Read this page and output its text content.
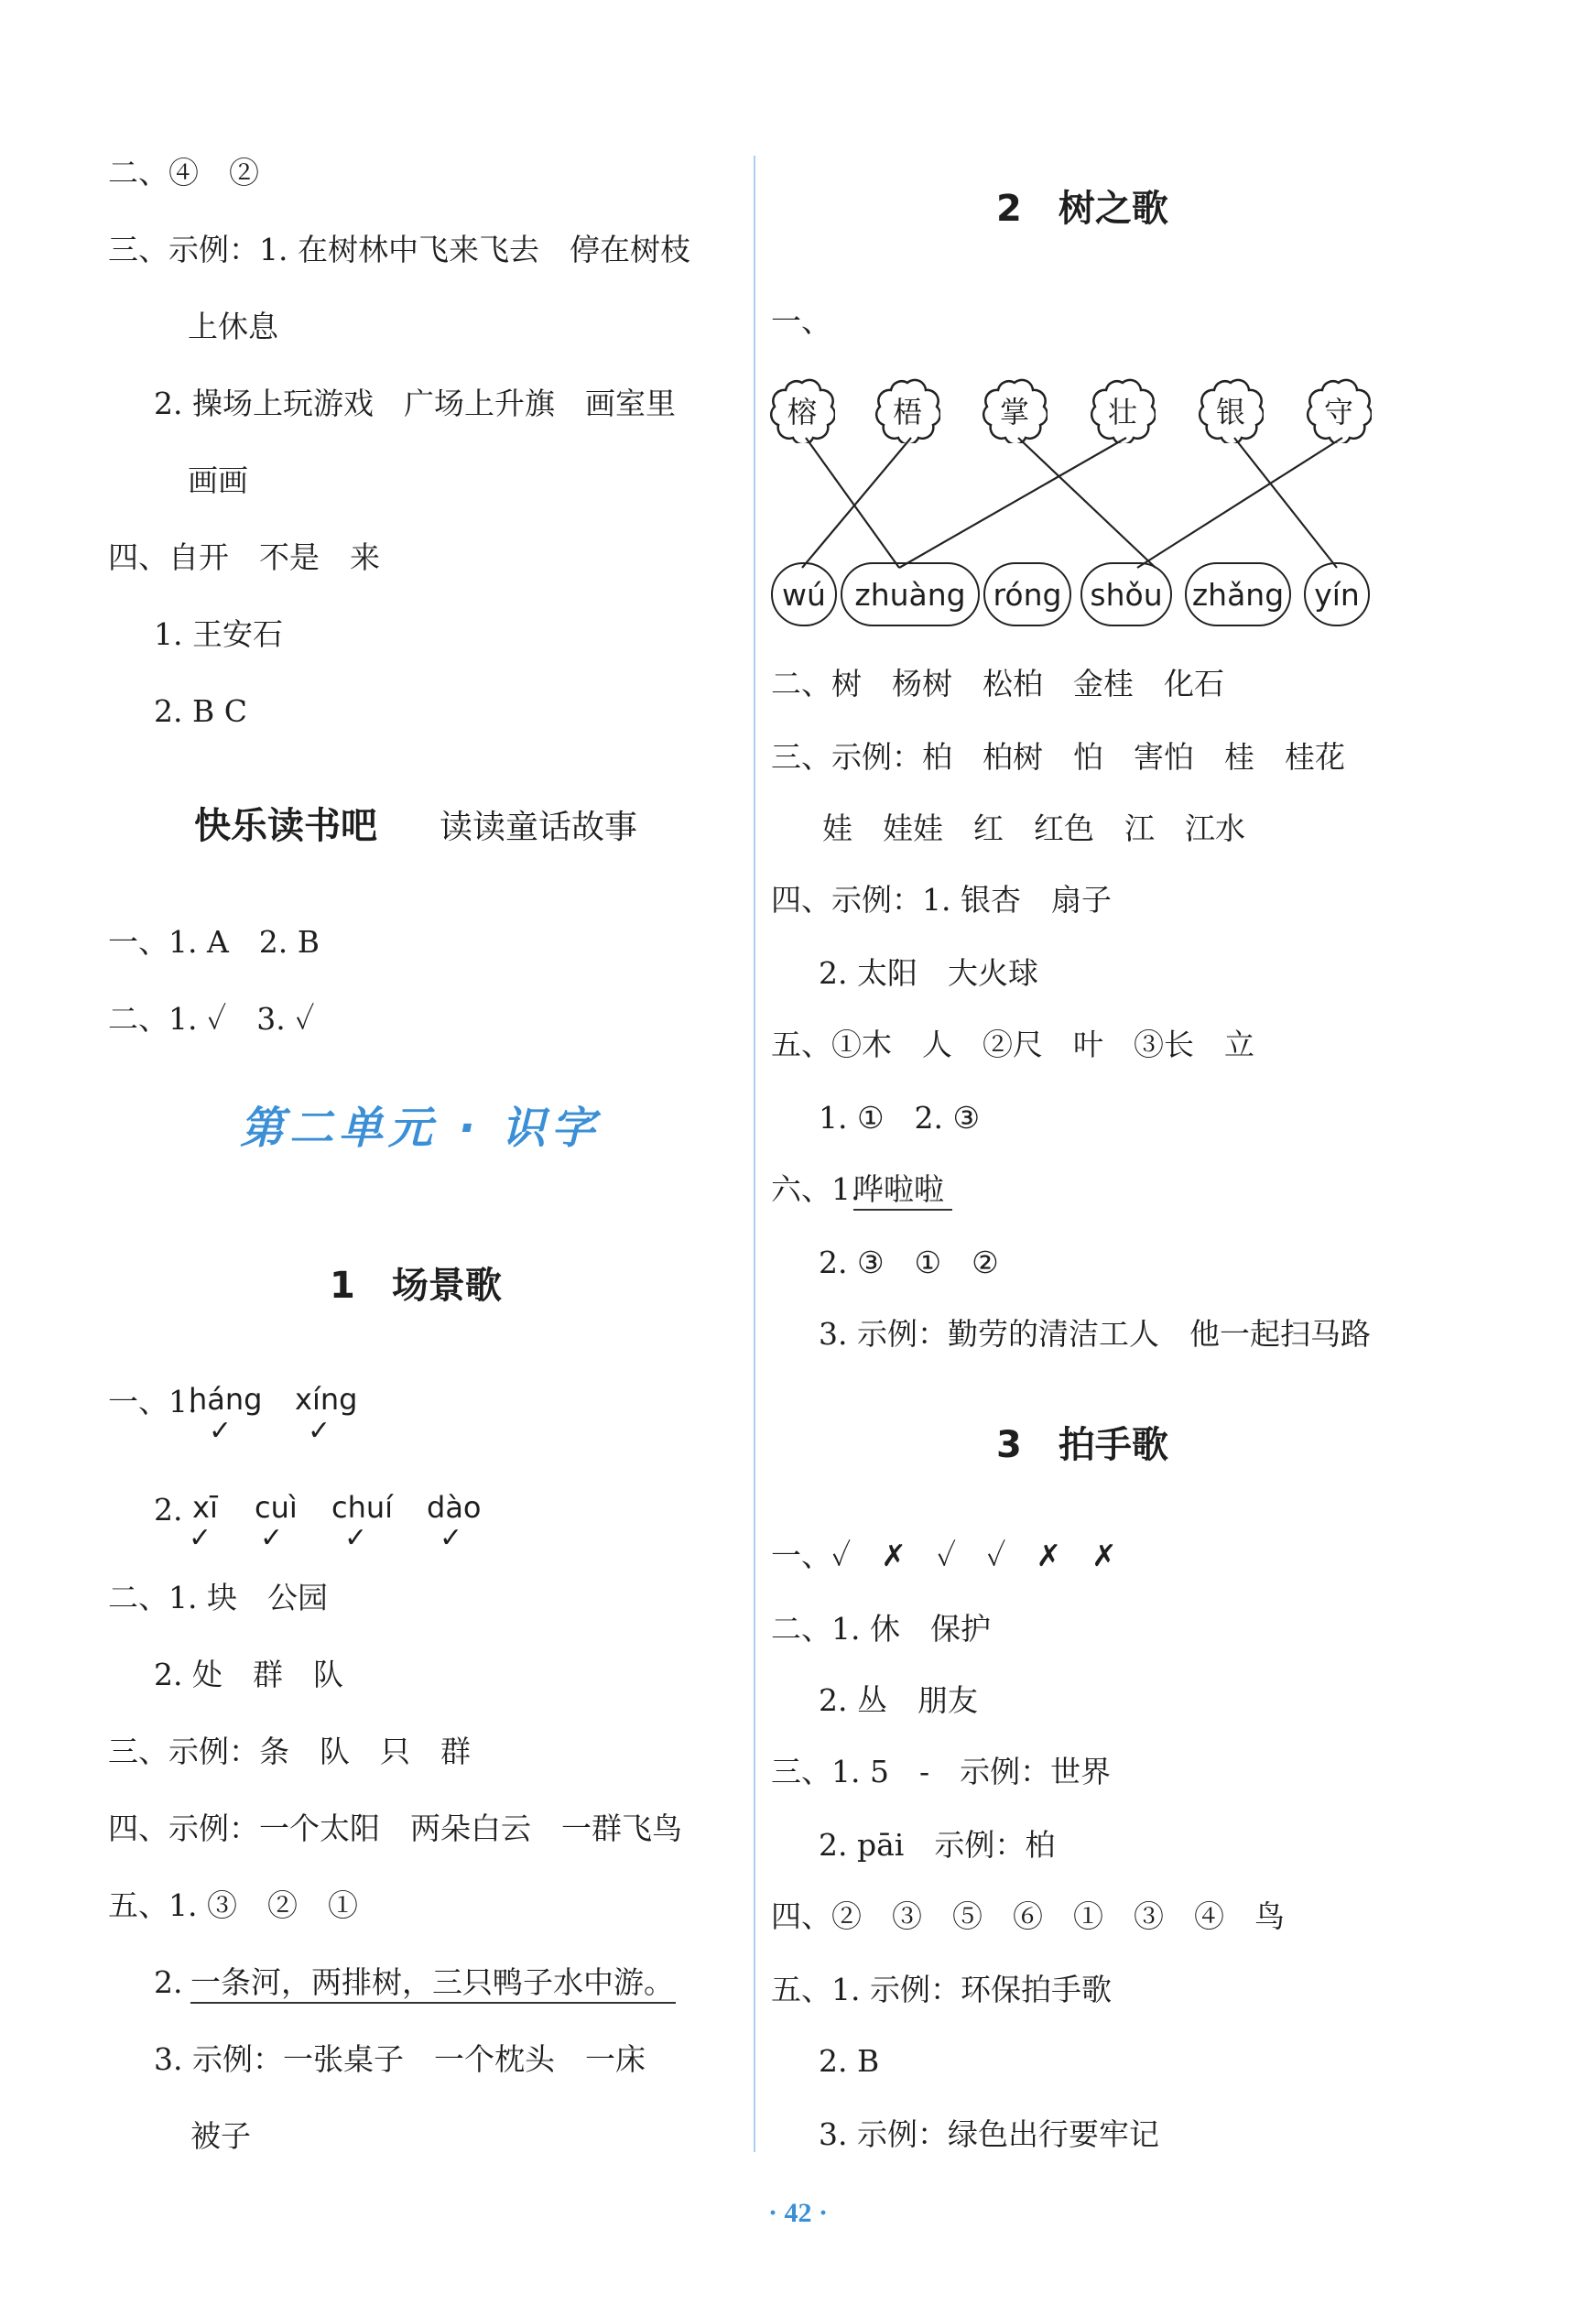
二、④　②
三、示例：1. 在树林中飞来飞去　停在树枝
上休息
2. 操场上玩游戏　广场上升旗　画室里
画画
四、自开　不是　来
1. 王安石
2. B C
快乐读书吧 读读童话故事
一、1. A　2. B
二、1. ✓　3. ✓
第二单元 · 识字
1　场景歌
一、1.
háng xíng
✓	✓
2. xī cuì chuí dào
✓ ✓ ✓	✓
二、1. 块　公园
2. 处　群　队
三、示例：条　队　只　群
四、示例：一个太阳　两朵白云　一群飞鸟
五、1. ③　②　①
2. 一条河，两排树，三只鸭子水中游。
3. 示例：一张桌子　一个枕头　一床
被子
2　树之歌
一、
榕	梧	掌	壮	银	守
wú zhuàng róng shǒu zhǎng	yín
二、树　杨树　松柏　金桂　化石
三、示例：柏　柏树　怕　害怕　桂　桂花
娃　娃娃　红　红色　江　江水
四、示例：1. 银杏　扇子
2. 太阳　大火球
五、①木　人　②尺　叶　③长　立
1. ①　2. ③
六、1.
哗啦啦
2. ③　①　②
3. 示例：勤劳的清洁工人　他一起扫马路
3　拍手歌
一、✓　✗　✓　✓　✗　✗
二、1. 休　保护
2. 丛　朋友
三、1. 5　-　示例：世界
2. pāi　示例：柏
四、②　③　⑤　⑥　①　③　④　鸟
五、1. 示例：环保拍手歌
2. B
3. 示例：绿色出行要牢记
· 42 ·
